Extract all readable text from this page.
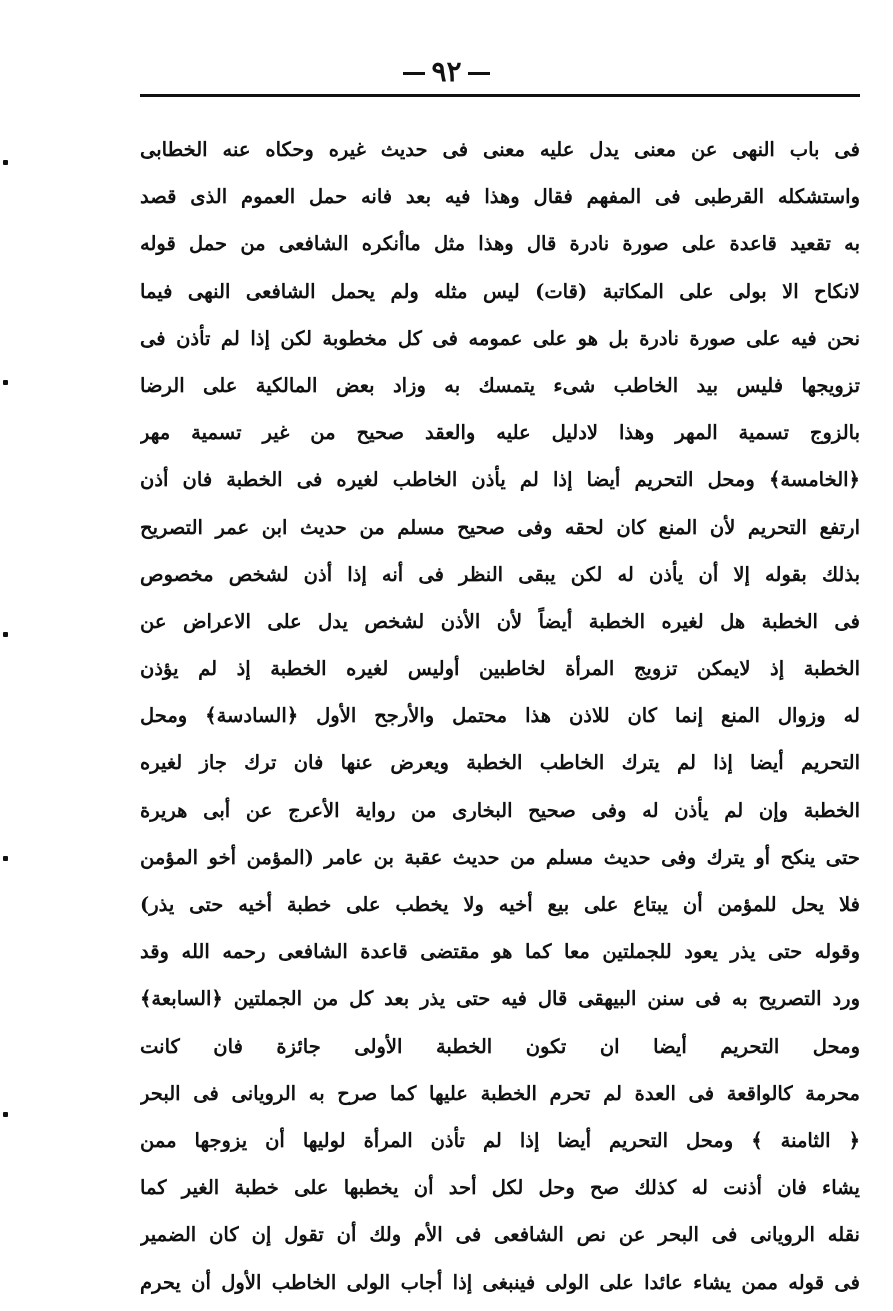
٩٢
فى باب النهى عن معنى يدل عليه معنى فى حديث غيره وحكاه عنه الخطابى
واستشكله القرطبى فى المفهم فقال وهذا فيه بعد فانه حمل العموم الذى قصد
به تقعيد قاعدة على صورة نادرة قال وهذا مثل ماأنكره الشافعى من حمل قوله
لانكاح الا بولى على المكاتبة (قات) ليس مثله ولم يحمل الشافعى النهى فيما
نحن فيه على صورة نادرة بل هو على عمومه فى كل مخطوبة لكن إذا لم تأذن فى
تزويجها فليس بيد الخاطب شىء يتمسك به وزاد بعض المالكية على الرضا
بالزوج تسمية المهر وهذا لادليل عليه والعقد صحيح من غير تسمية مهر
﴿الخامسة﴾ ومحل التحريم أيضا إذا لم يأذن الخاطب لغيره فى الخطبة فان أذن
ارتفع التحريم لأن المنع كان لحقه وفى صحيح مسلم من حديث ابن عمر التصريح
بذلك بقوله إلا أن يأذن له لكن يبقى النظر فى أنه إذا أذن لشخص مخصوص
فى الخطبة هل لغيره الخطبة أيضاً لأن الأذن لشخص يدل على الاعراض عن
الخطبة إذ لايمكن تزويج المرأة لخاطبين أوليس لغيره الخطبة إذ لم يؤذن
له وزوال المنع إنما كان للاذن هذا محتمل والأرجح الأول ﴿السادسة﴾ ومحل
التحريم أيضا إذا لم يترك الخاطب الخطبة ويعرض عنها فان ترك جاز لغيره
الخطبة وإن لم يأذن له وفى صحيح البخارى من رواية الأعرج عن أبى هريرة
حتى ينكح أو يترك وفى حديث مسلم من حديث عقبة بن عامر (المؤمن أخو المؤمن
فلا يحل للمؤمن أن يبتاع على بيع أخيه ولا يخطب على خطبة أخيه حتى يذر)
وقوله حتى يذر يعود للجملتين معا كما هو مقتضى قاعدة الشافعى رحمه الله وقد
ورد التصريح به فى سنن البيهقى قال فيه حتى يذر بعد كل من الجملتين ﴿السابعة﴾
ومحل التحريم أيضا ان تكون الخطبة الأولى جائزة فان كانت
محرمة كالواقعة فى العدة لم تحرم الخطبة عليها كما صرح به الرويانى فى البحر
﴿ الثامنة ﴾ ومحل التحريم أيضا إذا لم تأذن المرأة لوليها أن يزوجها ممن
يشاء فان أذنت له كذلك صح وحل لكل أحد أن يخطبها على خطبة الغير كما
نقله الرويانى فى البحر عن نص الشافعى فى الأم ولك أن تقول إن كان الضمير
فى قوله ممن يشاء عائدا على الولى فينبغى إذا أجاب الولى الخاطب الأول أن يحرم
